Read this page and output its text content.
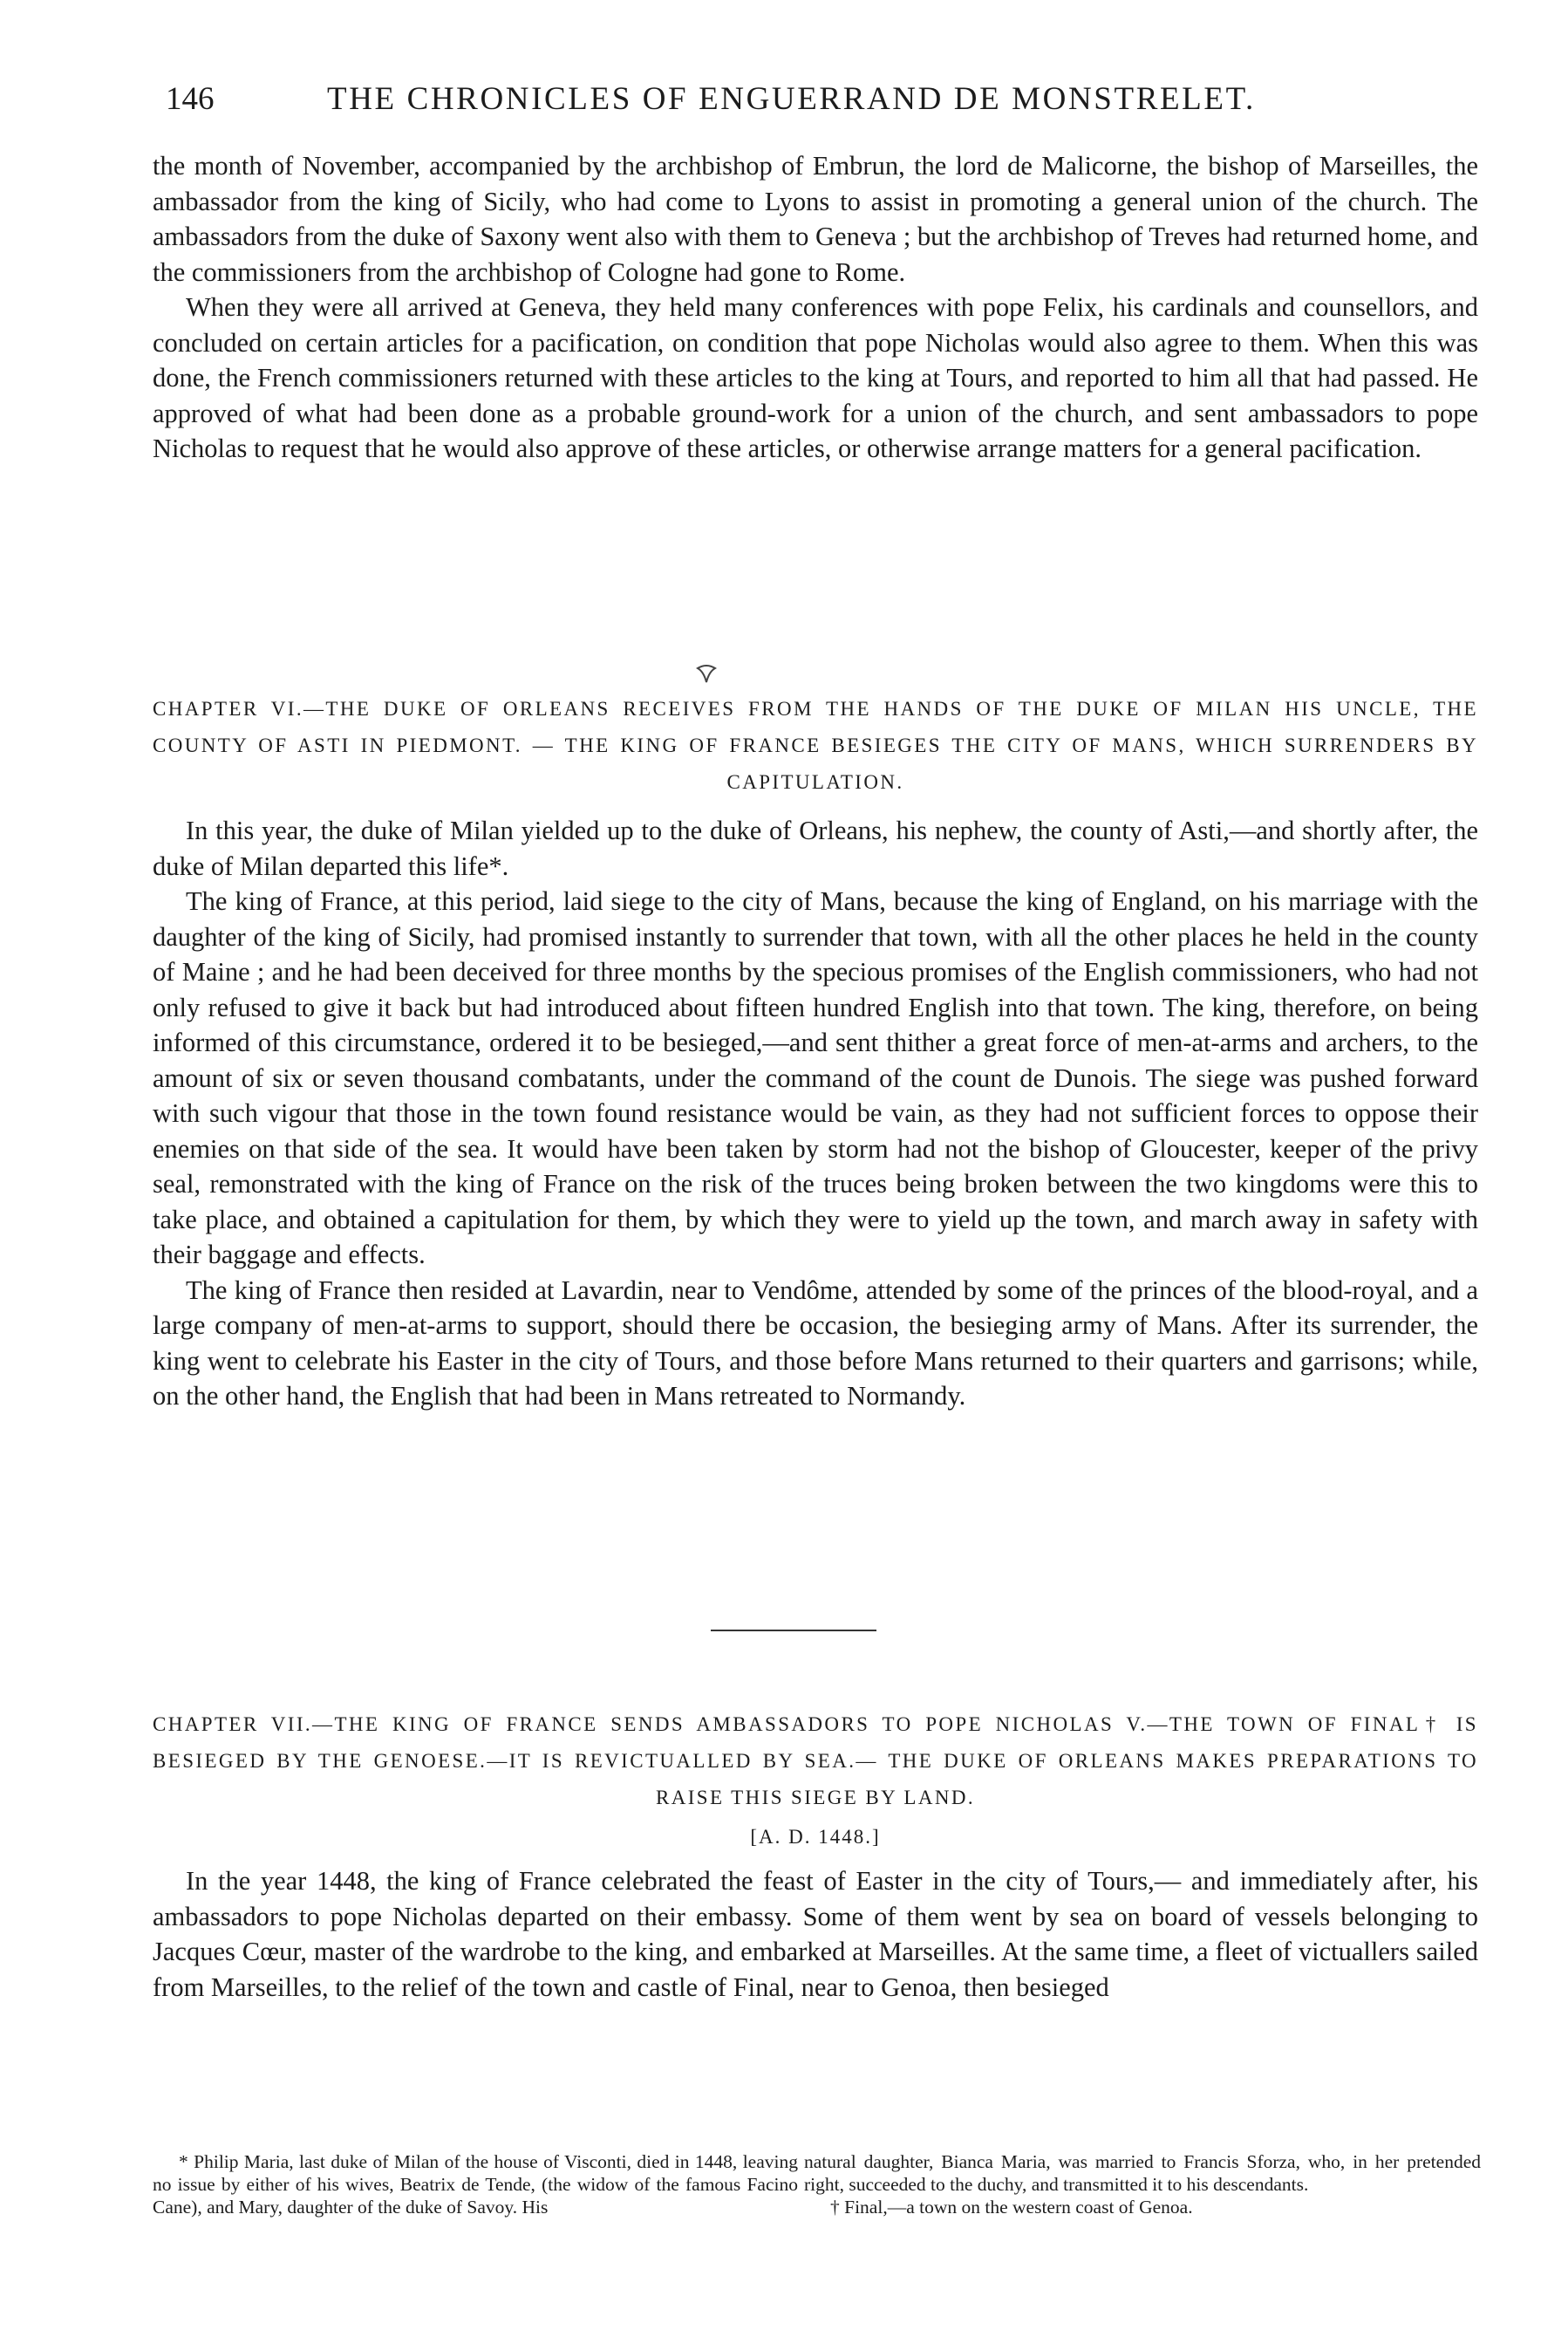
146	THE CHRONICLES OF ENGUERRAND DE MONSTRELET.

the month of November, accompanied by the archbishop of Embrun, the lord de Malicorne, the bishop of Marseilles, the ambassador from the king of Sicily, who had come to Lyons to assist in promoting a general union of the church. The ambassadors from the duke of Saxony went also with them to Geneva ; but the archbishop of Treves had returned home, and the commissioners from the archbishop of Cologne had gone to Rome.

When they were all arrived at Geneva, they held many conferences with pope Felix, his cardinals and counsellors, and concluded on certain articles for a pacification, on condition that pope Nicholas would also agree to them. When this was done, the French commissioners returned with these articles to the king at Tours, and reported to him all that had passed. He approved of what had been done as a probable ground-work for a union of the church, and sent ambassadors to pope Nicholas to request that he would also approve of these articles, or otherwise arrange matters for a general pacification.

CHAPTER VI.—THE DUKE OF ORLEANS RECEIVES FROM THE HANDS OF THE DUKE OF MILAN HIS UNCLE, THE COUNTY OF ASTI IN PIEDMONT. — THE KING OF FRANCE BESIEGES THE CITY OF MANS, WHICH SURRENDERS BY CAPITULATION.

In this year, the duke of Milan yielded up to the duke of Orleans, his nephew, the county of Asti,—and shortly after, the duke of Milan departed this life*.

The king of France, at this period, laid siege to the city of Mans, because the king of England, on his marriage with the daughter of the king of Sicily, had promised instantly to surrender that town, with all the other places he held in the county of Maine ; and he had been deceived for three months by the specious promises of the English commissioners, who had not only refused to give it back but had introduced about fifteen hundred English into that town. The king, therefore, on being informed of this circumstance, ordered it to be besieged,—and sent thither a great force of men-at-arms and archers, to the amount of six or seven thousand combatants, under the command of the count de Dunois. The siege was pushed forward with such vigour that those in the town found resistance would be vain, as they had not sufficient forces to oppose their enemies on that side of the sea. It would have been taken by storm had not the bishop of Gloucester, keeper of the privy seal, remonstrated with the king of France on the risk of the truces being broken between the two kingdoms were this to take place, and obtained a capitulation for them, by which they were to yield up the town, and march away in safety with their baggage and effects.

The king of France then resided at Lavardin, near to Vendôme, attended by some of the princes of the blood-royal, and a large company of men-at-arms to support, should there be occasion, the besieging army of Mans. After its surrender, the king went to celebrate his Easter in the city of Tours, and those before Mans returned to their quarters and garrisons; while, on the other hand, the English that had been in Mans retreated to Normandy.

CHAPTER VII.—THE KING OF FRANCE SENDS AMBASSADORS TO POPE NICHOLAS V.—THE TOWN OF FINAL† IS BESIEGED BY THE GENOESE.—IT IS REVICTUALLED BY SEA.— THE DUKE OF ORLEANS MAKES PREPARATIONS TO RAISE THIS SIEGE BY LAND.
[A. D. 1448.]

In the year 1448, the king of France celebrated the feast of Easter in the city of Tours,— and immediately after, his ambassadors to pope Nicholas departed on their embassy. Some of them went by sea on board of vessels belonging to Jacques Cœur, master of the wardrobe to the king, and embarked at Marseilles. At the same time, a fleet of victuallers sailed from Marseilles, to the relief of the town and castle of Final, near to Genoa, then besieged

* Philip Maria, last duke of Milan of the house of Visconti, died in 1448, leaving no issue by either of his wives, Beatrix de Tende, (the widow of the famous Facino Cane), and Mary, daughter of the duke of Savoy. His

natural daughter, Bianca Maria, was married to Francis Sforza, who, in her pretended right, succeeded to the duchy, and transmitted it to his descendants.

† Final,—a town on the western coast of Genoa.
